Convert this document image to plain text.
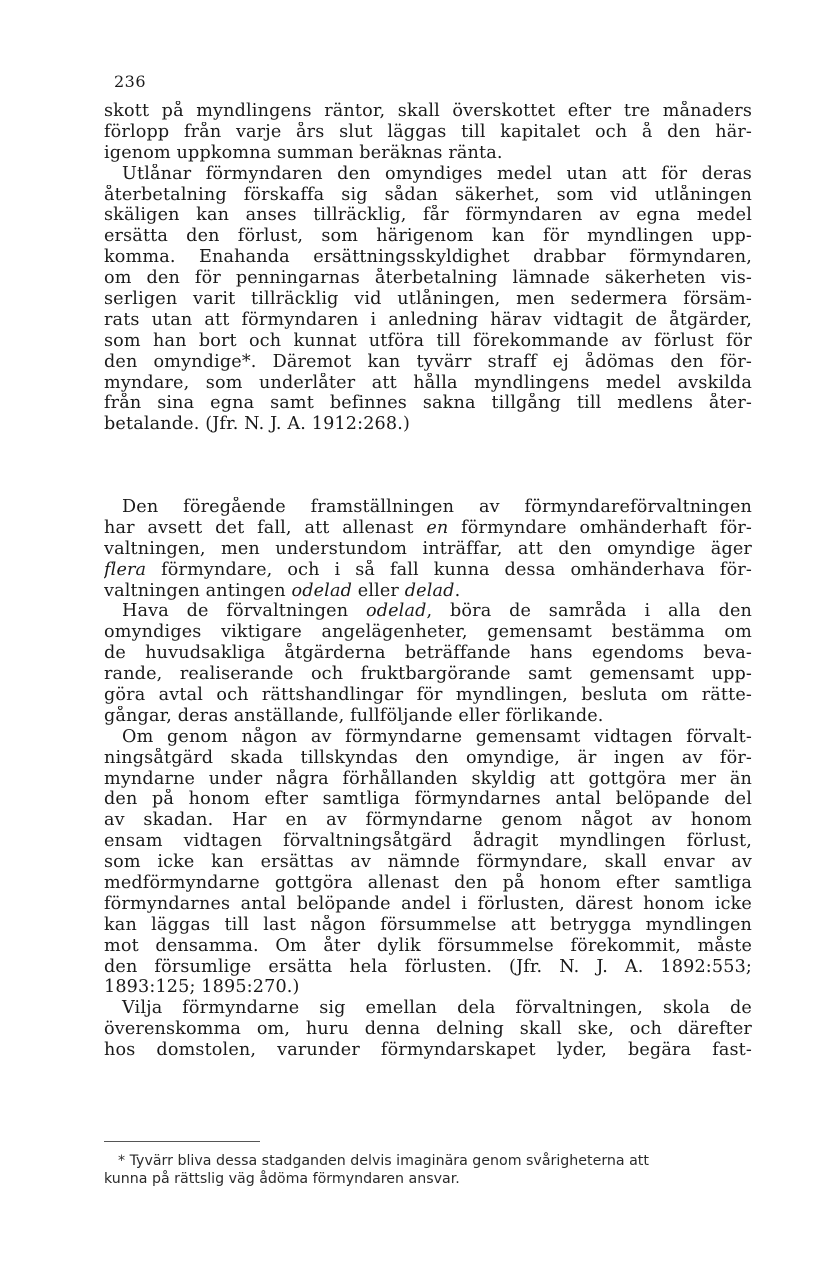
236
skott på myndlingens räntor, skall överskottet efter tre månaders
förlopp från varje års slut läggas till kapitalet och å den här-
igenom uppkomna summan beräknas ränta.
Utlånar förmyndaren den omyndiges medel utan att för deras
återbetalning förskaffa sig sådan säkerhet, som vid utlåningen
skäligen kan anses tillräcklig, får förmyndaren av egna medel
ersätta den förlust, som härigenom kan för myndlingen upp-
komma. Enahanda ersättningsskyldighet drabbar förmyndaren,
om den för penningarnas återbetalning lämnade säkerheten vis-
serligen varit tillräcklig vid utlåningen, men sedermera försäm-
rats utan att förmyndaren i anledning härav vidtagit de åtgärder,
som han bort och kunnat utföra till förekommande av förlust för
den omyndige*. Däremot kan tyvärr straff ej ådömas den för-
myndare, som underlåter att hålla myndlingens medel avskilda
från sina egna samt befinnes sakna tillgång till medlens åter-
betalande. (Jfr. N. J. A. 1912:268.)
Den föregående framställningen av förmyndareförvaltningen
har avsett det fall, att allenast en förmyndare omhänderhaft för-
valtningen, men understundom inträffar, att den omyndige äger
flera förmyndare, och i så fall kunna dessa omhänderhava för-
valtningen antingen odelad eller delad.
Hava de förvaltningen odelad, böra de samråda i alla den
omyndiges viktigare angelägenheter, gemensamt bestämma om
de huvudsakliga åtgärderna beträffande hans egendoms beva-
rande, realiserande och fruktbargörande samt gemensamt upp-
göra avtal och rättshandlingar för myndlingen, besluta om rätte-
gångar, deras anställande, fullföljande eller förlikande.
Om genom någon av förmyndarne gemensamt vidtagen förvalt-
ningsåtgärd skada tillskyndas den omyndige, är ingen av för-
myndarne under några förhållanden skyldig att gottgöra mer än
den på honom efter samtliga förmyndarnes antal belöpande del
av skadan. Har en av förmyndarne genom något av honom
ensam vidtagen förvaltningsåtgärd ådragit myndlingen förlust,
som icke kan ersättas av nämnde förmyndare, skall envar av
medförmyndarne gottgöra allenast den på honom efter samtliga
förmyndarnes antal belöpande andel i förlusten, därest honom icke
kan läggas till last någon försummelse att betrygga myndlingen
mot densamma. Om åter dylik försummelse förekommit, måste
den försumlige ersätta hela förlusten. (Jfr. N. J. A. 1892:553;
1893:125; 1895:270.)
Vilja förmyndarne sig emellan dela förvaltningen, skola de
överenskomma om, huru denna delning skall ske, och därefter
hos domstolen, varunder förmyndarskapet lyder, begära fast-
* Tyvärr bliva dessa stadganden delvis imaginära genom svårigheterna att
kunna på rättslig väg ådöma förmyndaren ansvar.
